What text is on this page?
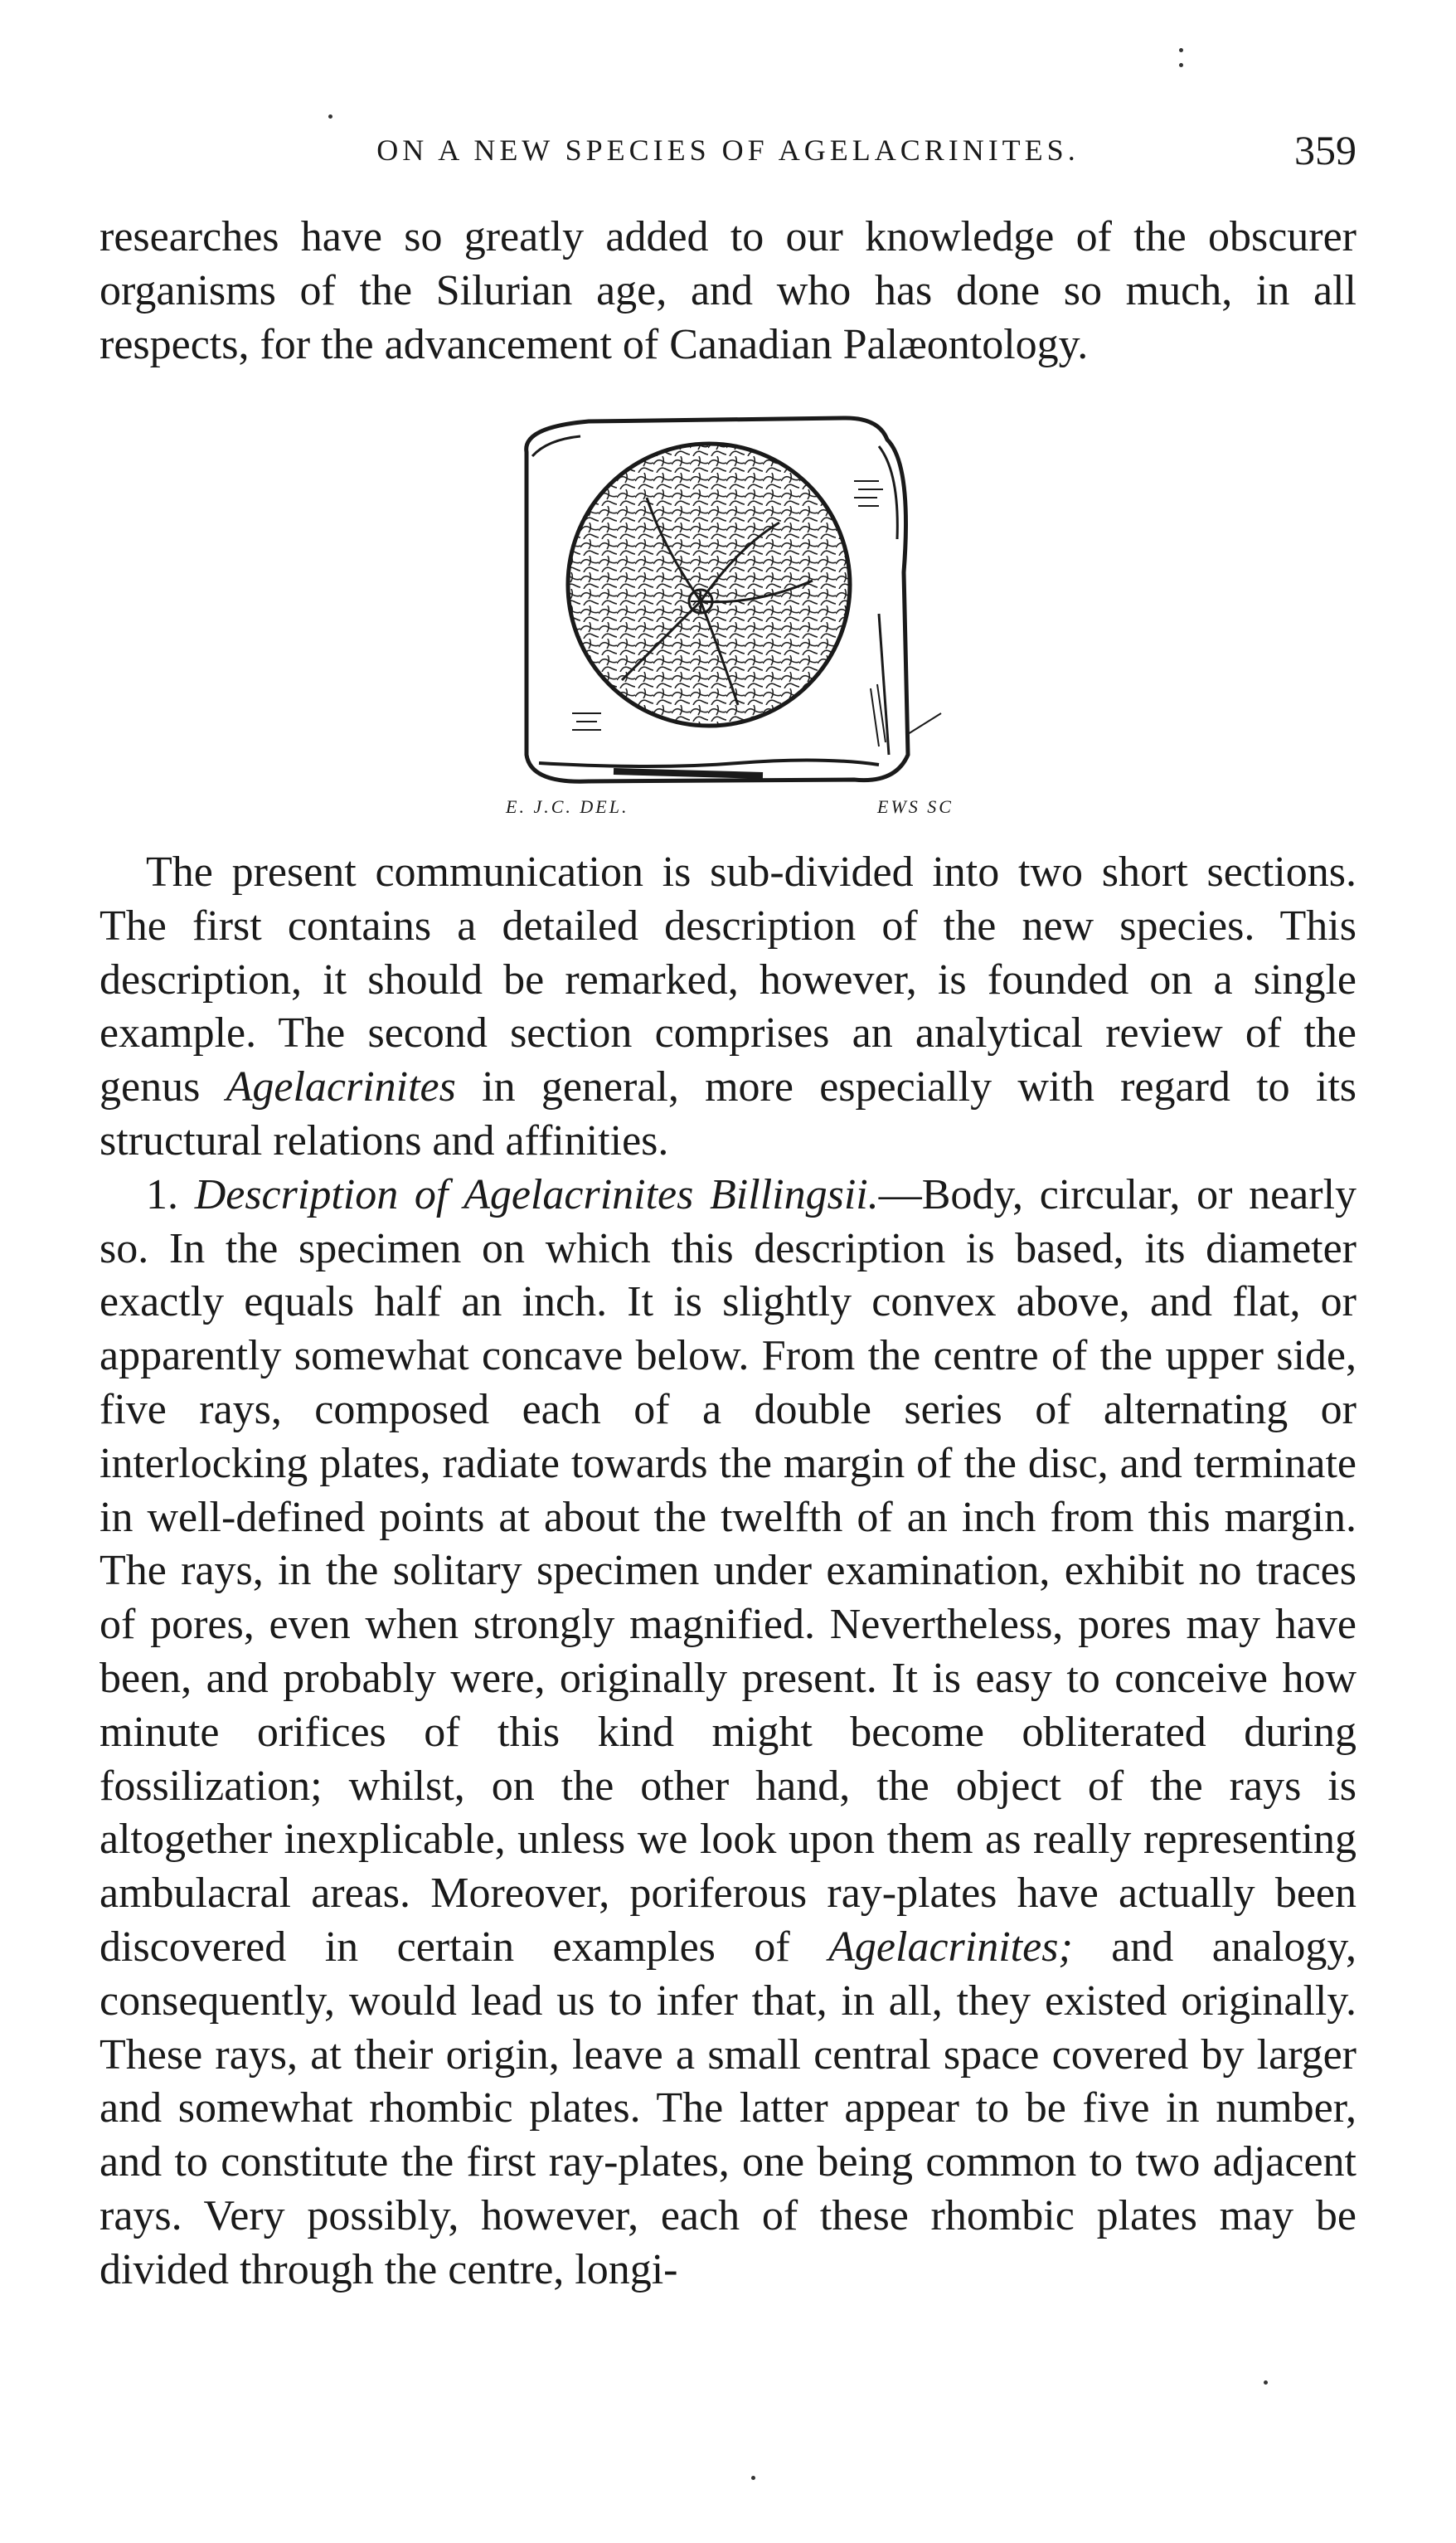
ON A NEW SPECIES OF AGELACRINITES.	359

researches have so greatly added to our knowledge of the obscurer organisms of the Silurian age, and who has done so much, in all respects, for the advancement of Canadian Palæontology.

E. J.C. DEL.	EWS SC

The present communication is sub-divided into two short sections. The first contains a detailed description of the new species. This description, it should be remarked, however, is founded on a single example. The second section comprises an analytical review of the genus Agelacrinites in general, more especially with regard to its structural relations and affinities.

1. Description of Agelacrinites Billingsii.—Body, circular, or nearly so. In the specimen on which this description is based, its diameter exactly equals half an inch. It is slightly convex above, and flat, or apparently somewhat concave below. From the centre of the upper side, five rays, composed each of a double series of alternating or interlocking plates, radiate towards the margin of the disc, and terminate in well-defined points at about the twelfth of an inch from this margin. The rays, in the solitary specimen under examination, exhibit no traces of pores, even when strongly magnified. Nevertheless, pores may have been, and probably were, originally present. It is easy to conceive how minute orifices of this kind might become obliterated during fossilization; whilst, on the other hand, the object of the rays is altogether inexplicable, unless we look upon them as really representing ambulacral areas. Moreover, poriferous ray-plates have actually been discovered in certain examples of Agelacrinites; and analogy, consequently, would lead us to infer that, in all, they existed originally. These rays, at their origin, leave a small central space covered by larger and somewhat rhombic plates. The latter appear to be five in number, and to constitute the first ray-plates, one being common to two adjacent rays. Very possibly, however, each of these rhombic plates may be divided through the centre, longi-
